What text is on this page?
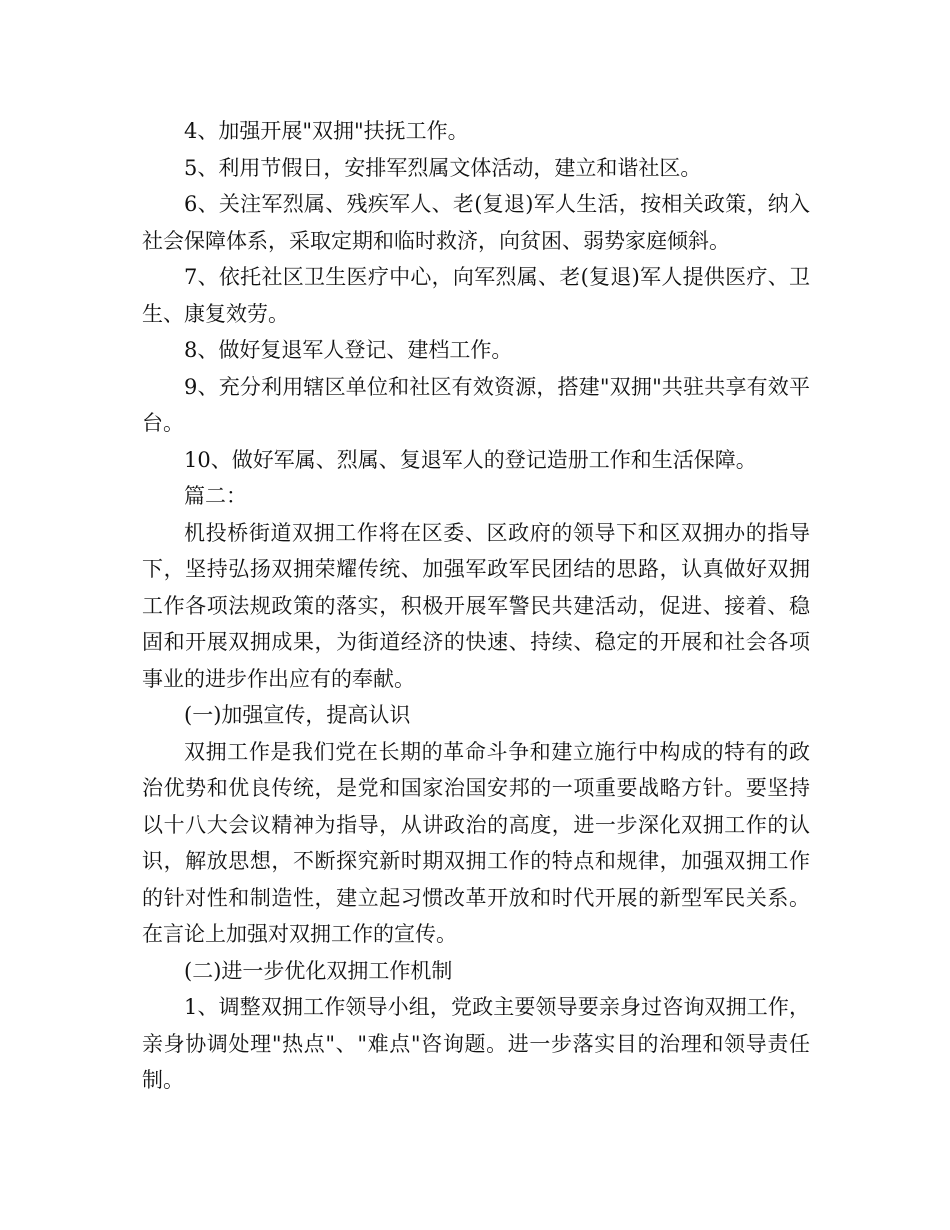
4、加强开展"双拥"扶抚工作。

5、利用节假日，安排军烈属文体活动，建立和谐社区。

6、关注军烈属、残疾军人、老(复退)军人生活，按相关政策，纳入社会保障体系，采取定期和临时救济，向贫困、弱势家庭倾斜。

7、依托社区卫生医疗中心，向军烈属、老(复退)军人提供医疗、卫生、康复效劳。

8、做好复退军人登记、建档工作。

9、充分利用辖区单位和社区有效资源，搭建"双拥"共驻共享有效平台。

10、做好军属、烈属、复退军人的登记造册工作和生活保障。

篇二：

机投桥街道双拥工作将在区委、区政府的领导下和区双拥办的指导下，坚持弘扬双拥荣耀传统、加强军政军民团结的思路，认真做好双拥工作各项法规政策的落实，积极开展军警民共建活动，促进、接着、稳固和开展双拥成果，为街道经济的快速、持续、稳定的开展和社会各项事业的进步作出应有的奉献。

(一)加强宣传，提高认识

双拥工作是我们党在长期的革命斗争和建立施行中构成的特有的政治优势和优良传统，是党和国家治国安邦的一项重要战略方针。要坚持以十八大会议精神为指导，从讲政治的高度，进一步深化双拥工作的认识，解放思想，不断探究新时期双拥工作的特点和规律，加强双拥工作的针对性和制造性，建立起习惯改革开放和时代开展的新型军民关系。在言论上加强对双拥工作的宣传。

(二)进一步优化双拥工作机制

1、调整双拥工作领导小组，党政主要领导要亲身过咨询双拥工作，亲身协调处理"热点"、"难点"咨询题。进一步落实目的治理和领导责任制。
